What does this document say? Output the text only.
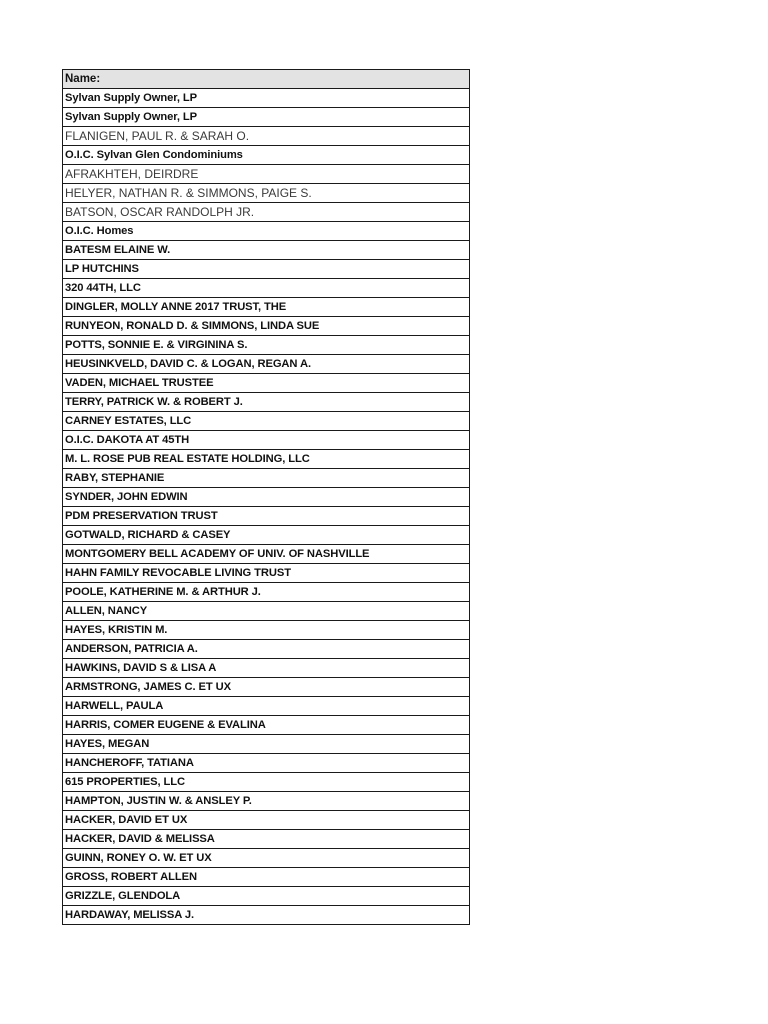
Name:
Sylvan Supply Owner, LP
Sylvan Supply Owner, LP
FLANIGEN, PAUL R. & SARAH O.
O.I.C. Sylvan Glen Condominiums
AFRAKHTEH, DEIRDRE
HELYER, NATHAN R. & SIMMONS, PAIGE S.
BATSON, OSCAR RANDOLPH JR.
O.I.C. Homes
BATESM ELAINE W.
LP HUTCHINS
320 44TH, LLC
DINGLER, MOLLY ANNE 2017 TRUST, THE
RUNYEON, RONALD D. & SIMMONS, LINDA SUE
POTTS, SONNIE E. & VIRGININA S.
HEUSINKVELD, DAVID C. & LOGAN, REGAN A.
VADEN, MICHAEL TRUSTEE
TERRY, PATRICK W. & ROBERT J.
CARNEY ESTATES, LLC
O.I.C. DAKOTA AT 45TH
M. L. ROSE PUB REAL ESTATE HOLDING, LLC
RABY, STEPHANIE
SYNDER, JOHN EDWIN
PDM PRESERVATION TRUST
GOTWALD, RICHARD & CASEY
MONTGOMERY BELL ACADEMY OF UNIV. OF NASHVILLE
HAHN FAMILY REVOCABLE LIVING TRUST
POOLE, KATHERINE M. & ARTHUR J.
ALLEN, NANCY
HAYES, KRISTIN M.
ANDERSON, PATRICIA A.
HAWKINS, DAVID S & LISA A
ARMSTRONG, JAMES C. ET UX
HARWELL, PAULA
HARRIS, COMER EUGENE & EVALINA
HAYES, MEGAN
HANCHEROFF, TATIANA
615 PROPERTIES, LLC
HAMPTON, JUSTIN W. & ANSLEY P.
HACKER, DAVID ET UX
HACKER, DAVID & MELISSA
GUINN, RONEY O. W. ET UX
GROSS, ROBERT ALLEN
GRIZZLE, GLENDOLA
HARDAWAY, MELISSA J.
